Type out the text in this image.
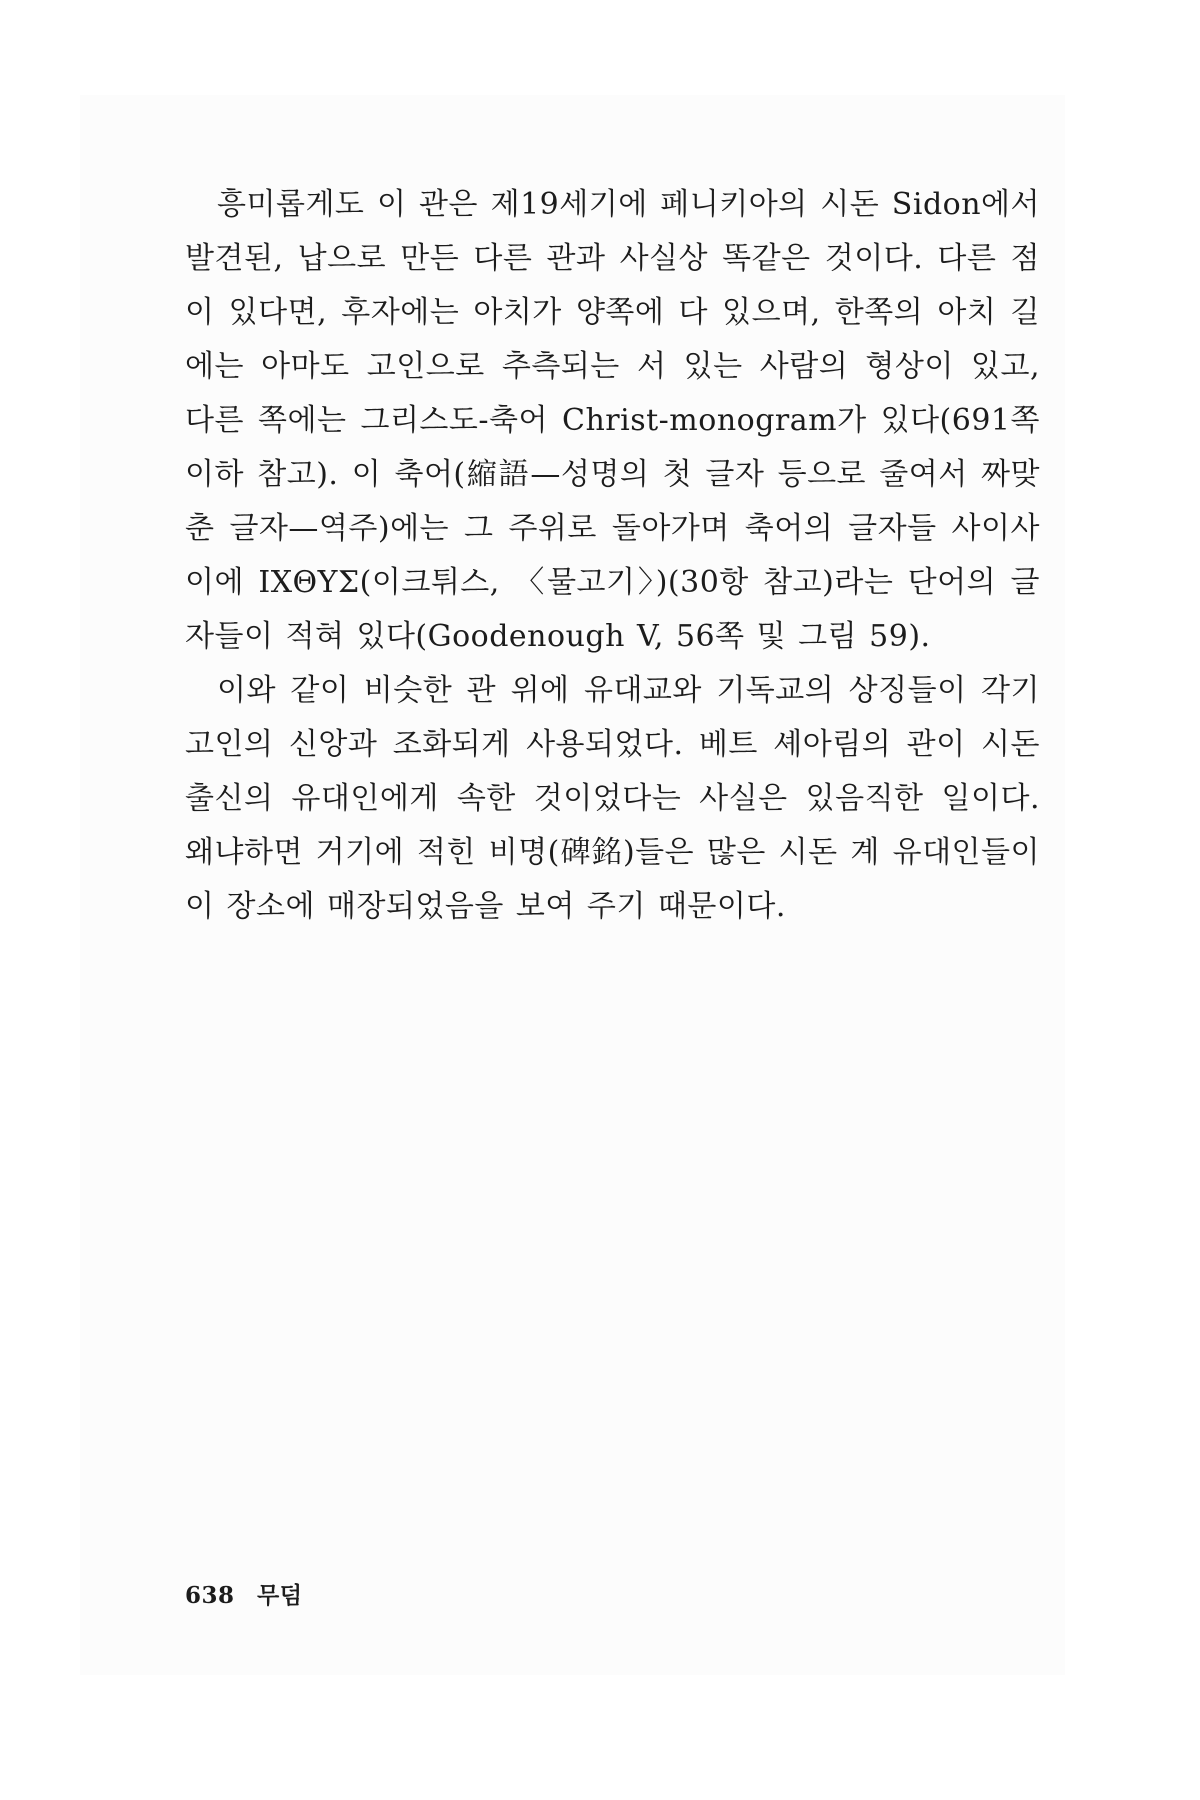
흥미롭게도 이 관은 제19세기에 페니키아의 시돈 Sidon에서 발견된, 납으로 만든 다른 관과 사실상 똑같은 것이다. 다른 점이 있다면, 후자에는 아치가 양쪽에 다 있으며, 한쪽의 아치 길에는 아마도 고인으로 추측되는 서 있는 사람의 형상이 있고, 다른 쪽에는 그리스도-축어 Christ-monogram가 있다(691쪽 이하 참고). 이 축어(縮語—성명의 첫 글자 등으로 줄여서 짜맞춘 글자—역주)에는 그 주위로 돌아가며 축어의 글자들 사이사이에 ΙΧΘΥΣ(이크튀스, 〈물고기〉)(30항 참고)라는 단어의 글자들이 적혀 있다(Goodenough V, 56쪽 및 그림 59).

이와 같이 비슷한 관 위에 유대교와 기독교의 상징들이 각기 고인의 신앙과 조화되게 사용되었다. 베트 셰아림의 관이 시돈 출신의 유대인에게 속한 것이었다는 사실은 있음직한 일이다. 왜냐하면 거기에 적힌 비명(碑銘)들은 많은 시돈 계 유대인들이 이 장소에 매장되었음을 보여 주기 때문이다.

638 무덤
